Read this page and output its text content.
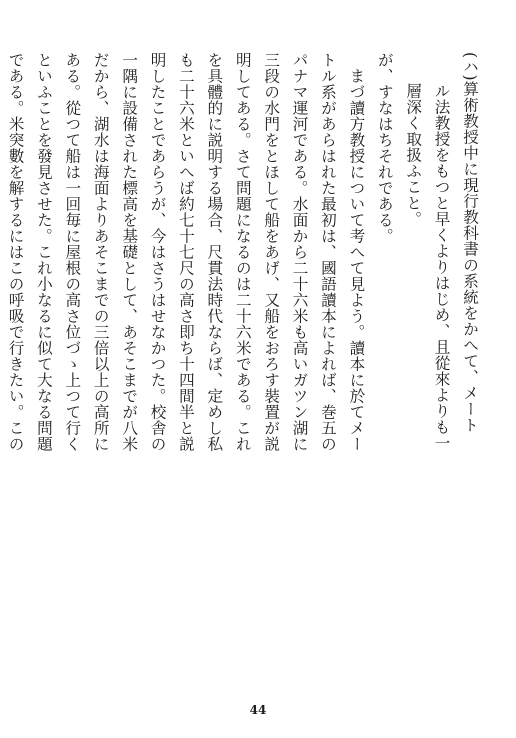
(ハ)算術教授中に現行教科書の系統をかへて、メート
ル法教授をもつと早くよりはじめ、且從來よりも一
層深く取扱ふこと。
が、すなはちそれである。
まづ讀方教授について考へて見よう。讀本に於てメー
トル系があらはれた最初は、國語讀本によれば、巻五の
パナマ運河である。水面から二十六米も高いガツン湖に
三段の水門をとほして船をあげ、又船をおろす裝置が説
明してある。さて問題になるのは二十六米である。これ
を具體的に説明する場合、尺貫法時代ならば、定めし私
も二十六米といへば約七十七尺の高さ即ち十四間半と説
明したことであらうが、今はさうはせなかつた。校舎の
一隅に設備された標高を基礎として、あそこまでが八米
だから、湖水は海面よりあそこまでの三倍以上の高所に
ある。從つて船は一回毎に屋根の高さ位づゝ上つて行く
といふことを發見させた。これ小なるに似て大なる問題
である。米突數を解するにはこの呼吸で行きたい。この
44
